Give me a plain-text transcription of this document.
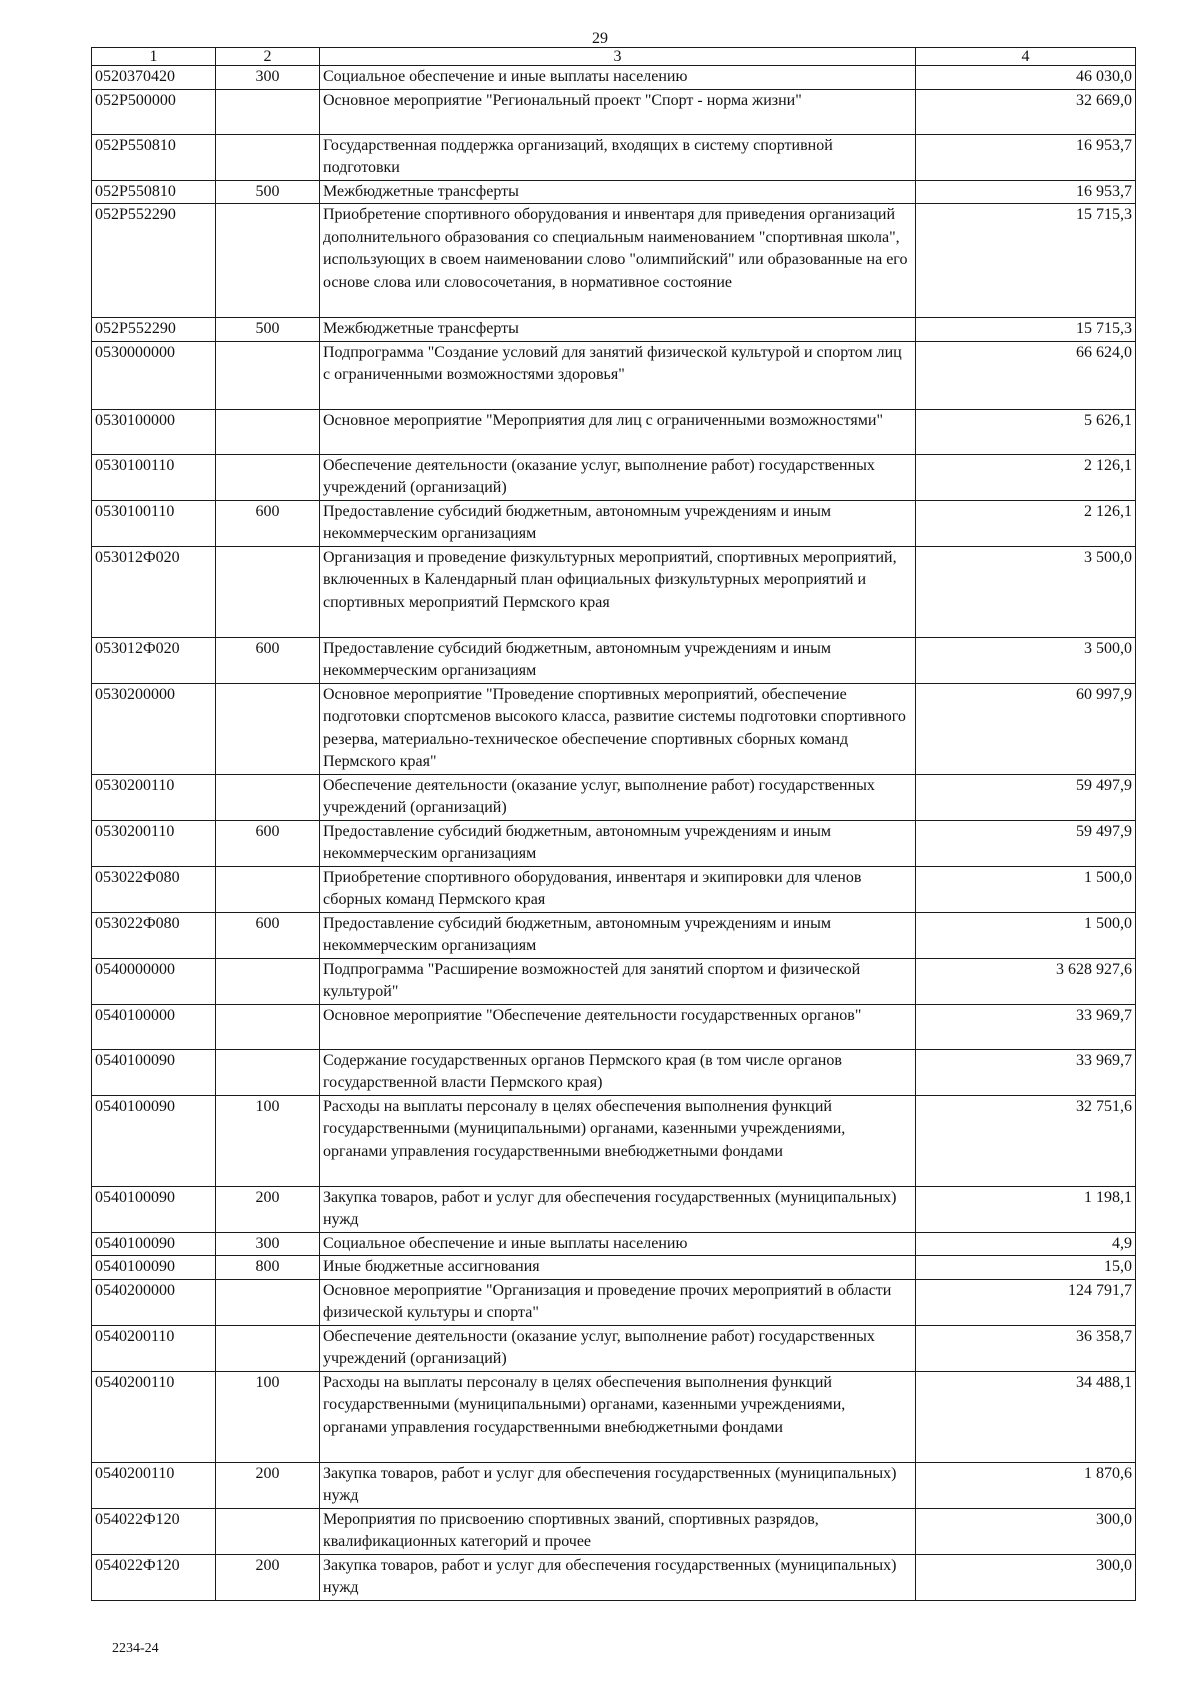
29
1	2	3	4
0520370420	300	Социальное обеспечение и иные выплаты населению	46 030,0
052P500000		Основное мероприятие "Региональный проект "Спорт - норма жизни"	32 669,0
052P550810		Государственная поддержка организаций, входящих в систему спортивной подготовки	16 953,7
052P550810	500	Межбюджетные трансферты	16 953,7
052P552290		Приобретение спортивного оборудования и инвентаря для приведения организаций дополнительного образования со специальным наименованием "спортивная школа", использующих в своем наименовании слово "олимпийский" или образованные на его основе слова или словосочетания, в нормативное состояние	15 715,3
052P552290	500	Межбюджетные трансферты	15 715,3
0530000000		Подпрограмма "Создание условий для занятий физической культурой и спортом лиц с ограниченными возможностями здоровья"	66 624,0
0530100000		Основное мероприятие "Мероприятия для лиц с ограниченными возможностями"	5 626,1
0530100110		Обеспечение деятельности (оказание услуг, выполнение работ) государственных учреждений (организаций)	2 126,1
0530100110	600	Предоставление субсидий бюджетным, автономным учреждениям и иным некоммерческим организациям	2 126,1
053012Ф020		Организация и проведение физкультурных мероприятий, спортивных мероприятий, включенных в Календарный план официальных физкультурных мероприятий и спортивных мероприятий Пермского края	3 500,0
053012Ф020	600	Предоставление субсидий бюджетным, автономным учреждениям и иным некоммерческим организациям	3 500,0
0530200000		Основное мероприятие "Проведение спортивных мероприятий, обеспечение подготовки спортсменов высокого класса, развитие системы подготовки спортивного резерва, материально-техническое обеспечение спортивных сборных команд Пермского края"	60 997,9
0530200110		Обеспечение деятельности (оказание услуг, выполнение работ) государственных учреждений (организаций)	59 497,9
0530200110	600	Предоставление субсидий бюджетным, автономным учреждениям и иным некоммерческим организациям	59 497,9
053022Ф080		Приобретение спортивного оборудования, инвентаря и экипировки для членов сборных команд Пермского края	1 500,0
053022Ф080	600	Предоставление субсидий бюджетным, автономным учреждениям и иным некоммерческим организациям	1 500,0
0540000000		Подпрограмма "Расширение возможностей для занятий спортом и физической культурой"	3 628 927,6
0540100000		Основное мероприятие "Обеспечение деятельности государственных органов"	33 969,7
0540100090		Содержание государственных органов Пермского края (в том числе органов государственной власти Пермского края)	33 969,7
0540100090	100	Расходы на выплаты персоналу в целях обеспечения выполнения функций государственными (муниципальными) органами, казенными учреждениями, органами управления государственными внебюджетными фондами	32 751,6
0540100090	200	Закупка товаров, работ и услуг для обеспечения государственных (муниципальных) нужд	1 198,1
0540100090	300	Социальное обеспечение и иные выплаты населению	4,9
0540100090	800	Иные бюджетные ассигнования	15,0
0540200000		Основное мероприятие "Организация и проведение прочих мероприятий в области физической культуры и спорта"	124 791,7
0540200110		Обеспечение деятельности (оказание услуг, выполнение работ) государственных учреждений (организаций)	36 358,7
0540200110	100	Расходы на выплаты персоналу в целях обеспечения выполнения функций государственными (муниципальными) органами, казенными учреждениями, органами управления государственными внебюджетными фондами	34 488,1
0540200110	200	Закупка товаров, работ и услуг для обеспечения государственных (муниципальных) нужд	1 870,6
054022Ф120		Мероприятия по присвоению спортивных званий, спортивных разрядов, квалификационных категорий и прочее	300,0
054022Ф120	200	Закупка товаров, работ и услуг для обеспечения государственных (муниципальных) нужд	300,0
2234-24
